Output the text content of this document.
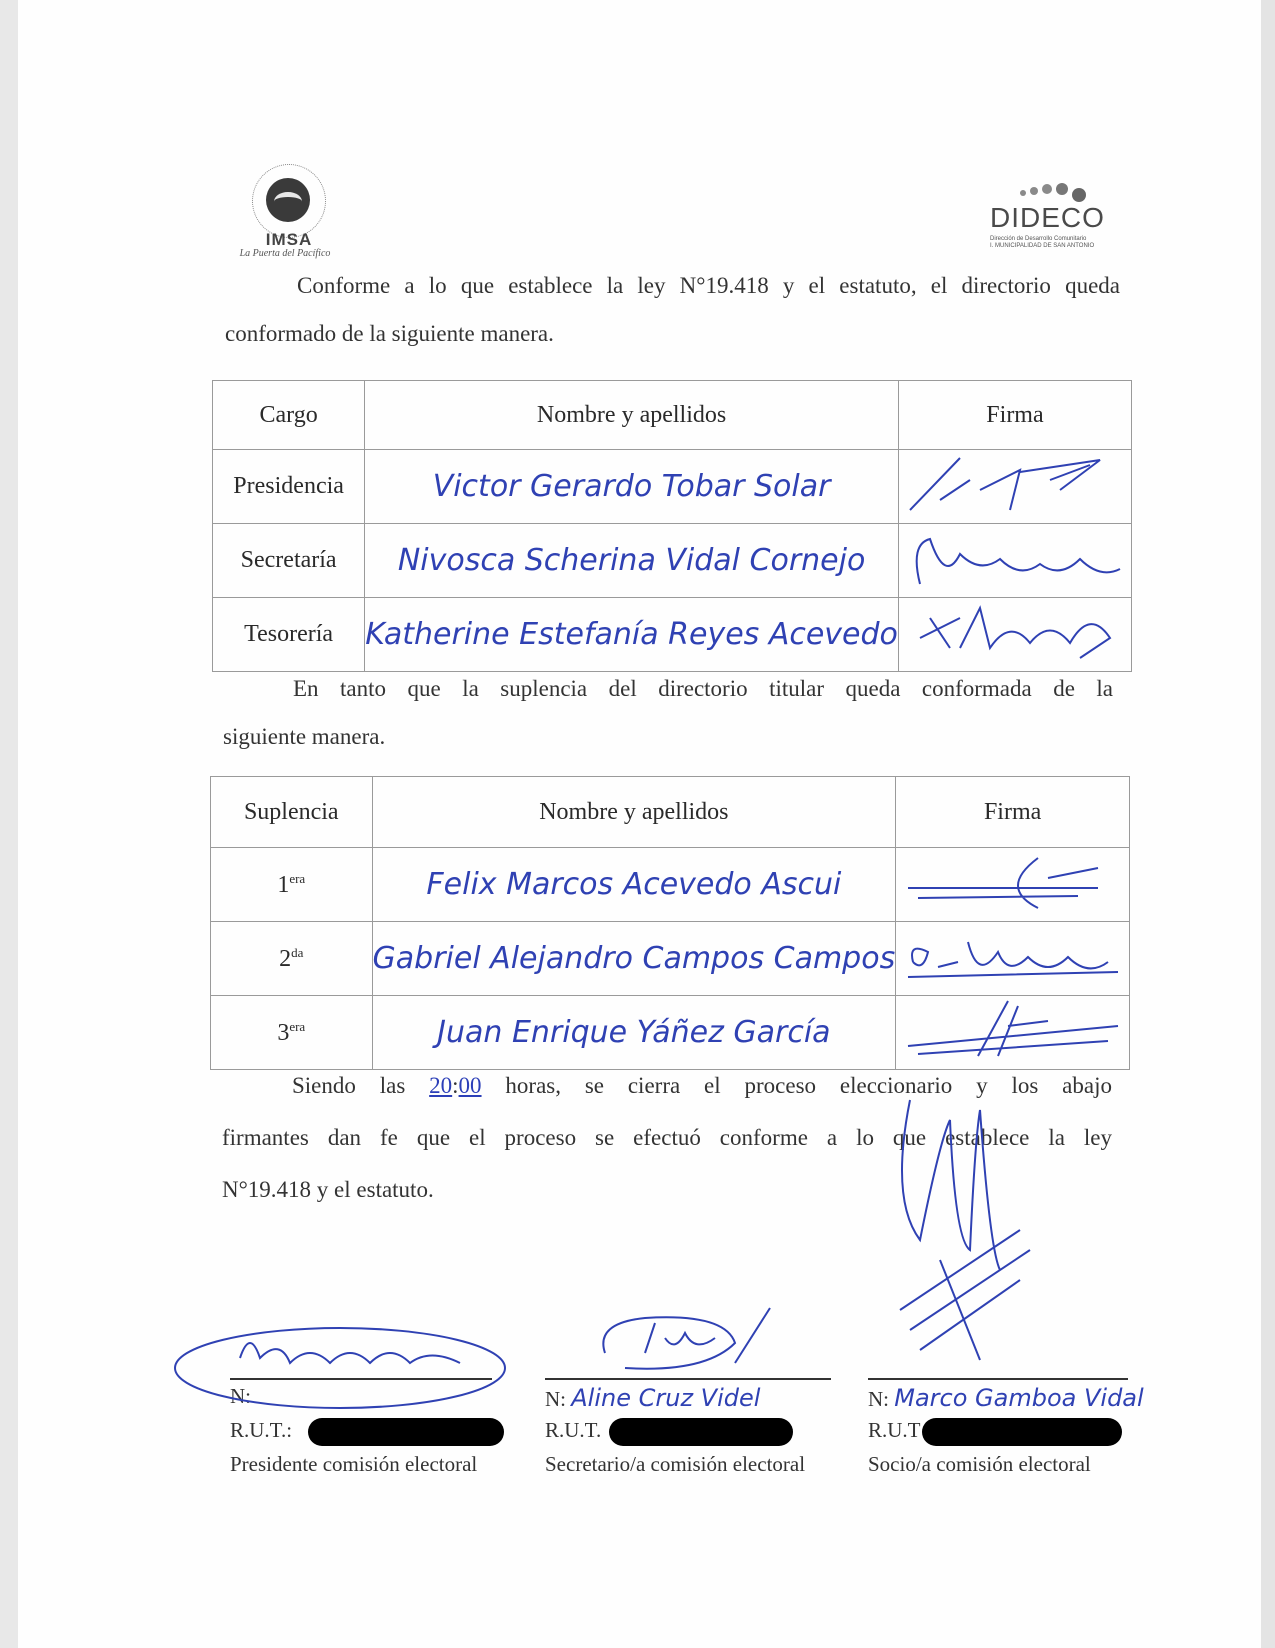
IMSA
La Puerta del Pacífico
DIDECO
Dirección de Desarrollo Comunitario
I. MUNICIPALIDAD DE SAN ANTONIO
Conforme a lo que establece la ley N°19.418 y el estatuto, el directorio queda
conformado de la siguiente manera.
Cargo	Nombre y apellidos	Firma
Presidencia	Victor Gerardo Tobar Solar	
Secretaría	Nivosca Scherina Vidal Cornejo	
Tesorería	Katherine Estefanía Reyes Acevedo	
En tanto que la suplencia del directorio titular queda conformada de la
siguiente manera.
Suplencia	Nombre y apellidos	Firma
$1^{era}$	Felix Marcos Acevedo Ascui	
$2^{da}$	Gabriel Alejandro Campos Campos	
$3^{era}$	Juan Enrique Yáñez García	
Siendo las 20:00 horas, se cierra el proceso eleccionario y los abajo
firmantes dan fe que el proceso se efectuó conforme a lo que establece la ley
N°19.418 y el estatuto.
N:
R.U.T.:
Presidente comisión electoral
N: Aline Cruz Videl
R.U.T.
Secretario/a comisión electoral
N: Marco Gamboa Vidal
R.U.T
Socio/a comisión electoral
